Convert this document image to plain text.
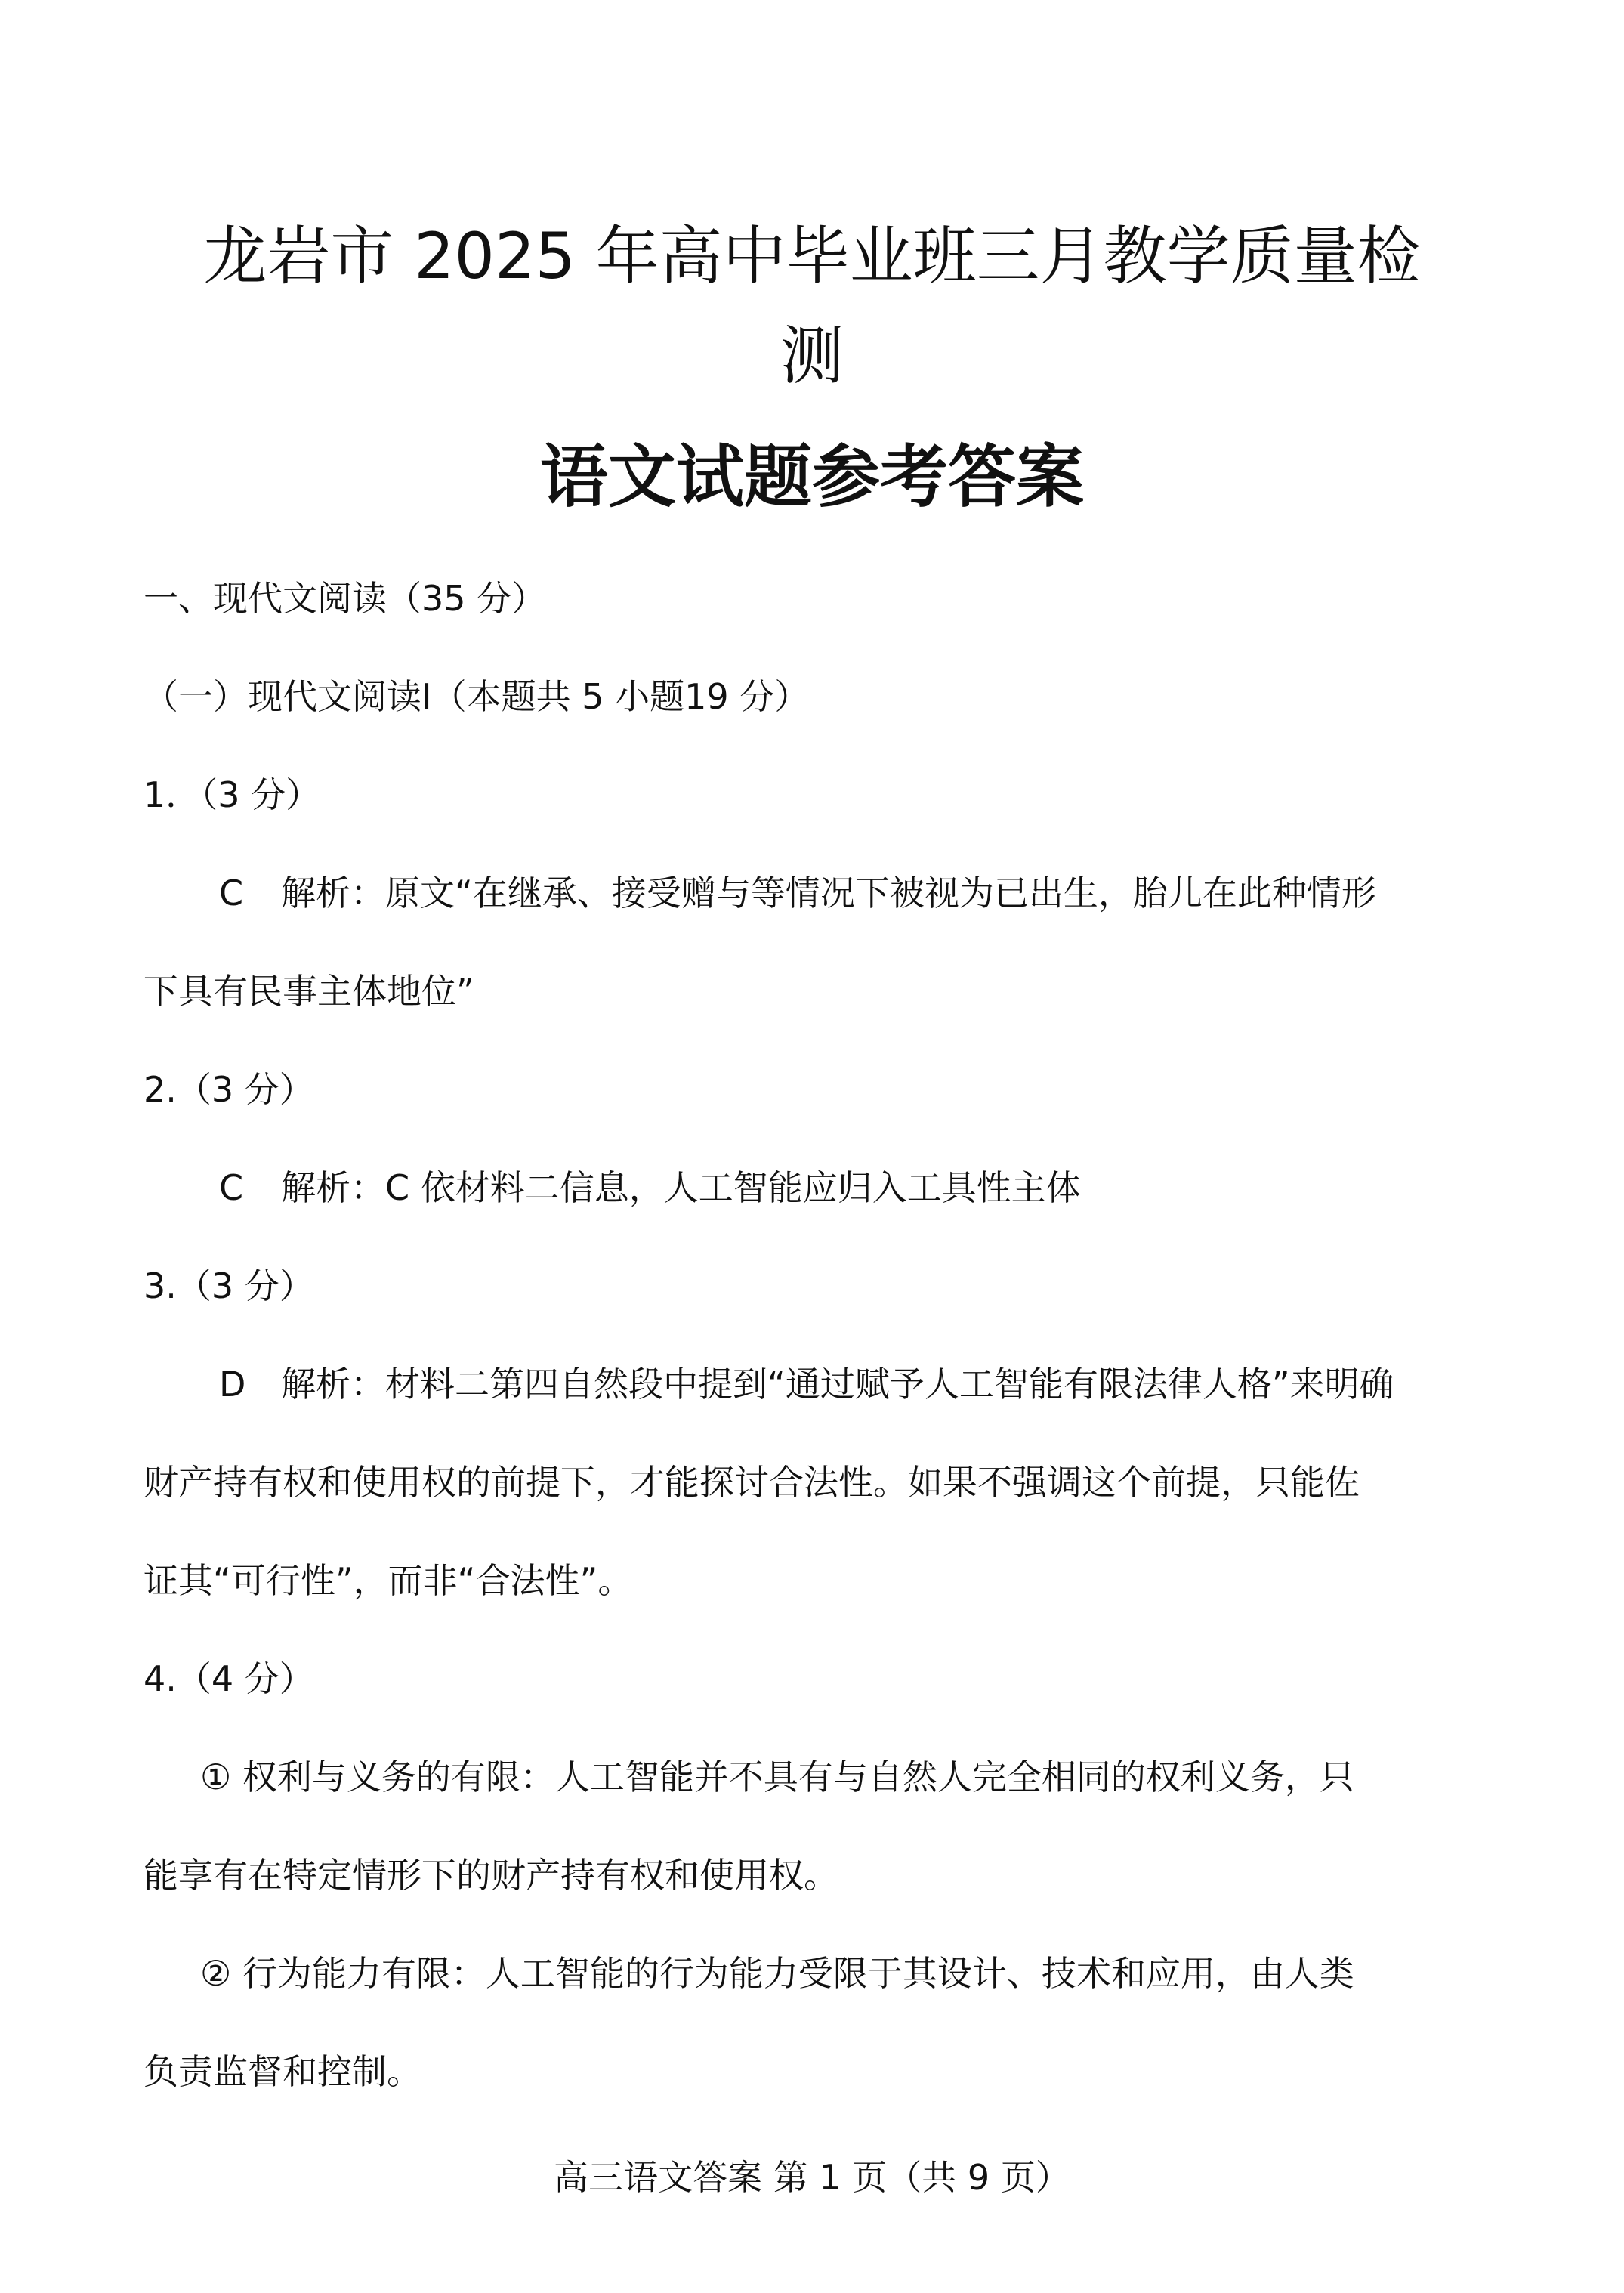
龙岩市 2025 年高中毕业班三月教学质量检
测
语文试题参考答案

一、现代文阅读（35 分）

（一）现代文阅读I（本题共 5 小题19 分）

1．（3 分）

C 解析：原文“在继承、接受赠与等情况下被视为已出生，胎儿在此种情形

下具有民事主体地位”

2.（3 分）

C 解析：C 依材料二信息，人工智能应归入工具性主体

3.（3 分）

D 解析：材料二第四自然段中提到“通过赋予人工智能有限法律人格”来明确

财产持有权和使用权的前提下，才能探讨合法性。如果不强调这个前提，只能佐

证其“可行性”，而非“合法性”。

4.（4 分）

① 权利与义务的有限：人工智能并不具有与自然人完全相同的权利义务，只

能享有在特定情形下的财产持有权和使用权。

② 行为能力有限：人工智能的行为能力受限于其设计、技术和应用，由人类

负责监督和控制。

高三语文答案 第 1 页（共 9 页）
